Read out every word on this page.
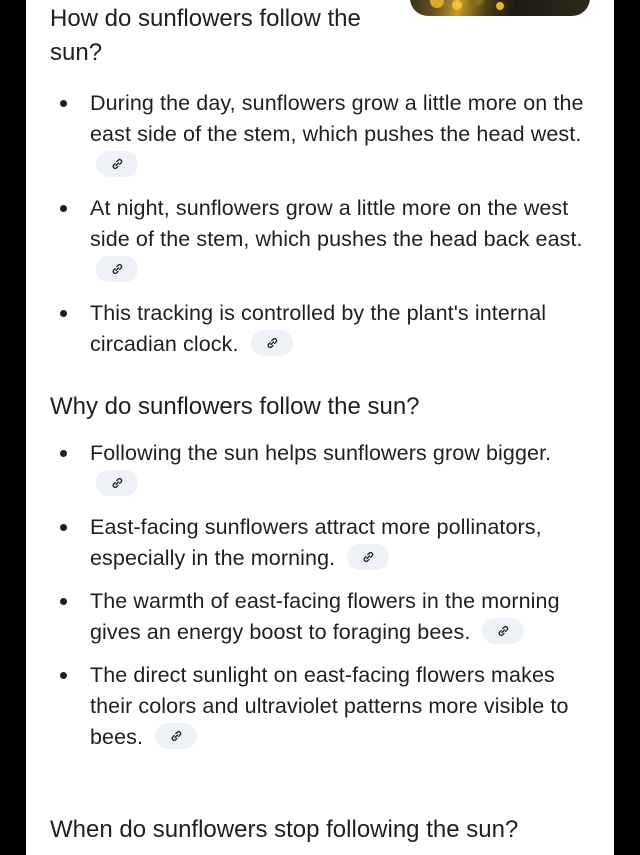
How do sunflowers follow the
sun?
During the day, sunflowers grow a little more on the east side of the stem, which pushes the head west.
At night, sunflowers grow a little more on the west side of the stem, which pushes the head back east.
This tracking is controlled by the plant's internal circadian clock.
Why do sunflowers follow the sun?
Following the sun helps sunflowers grow bigger.
East-facing sunflowers attract more pollinators, especially in the morning.
The warmth of east-facing flowers in the morning gives an energy boost to foraging bees.
The direct sunlight on east-facing flowers makes their colors and ultraviolet patterns more visible to bees.
When do sunflowers stop following the sun?
